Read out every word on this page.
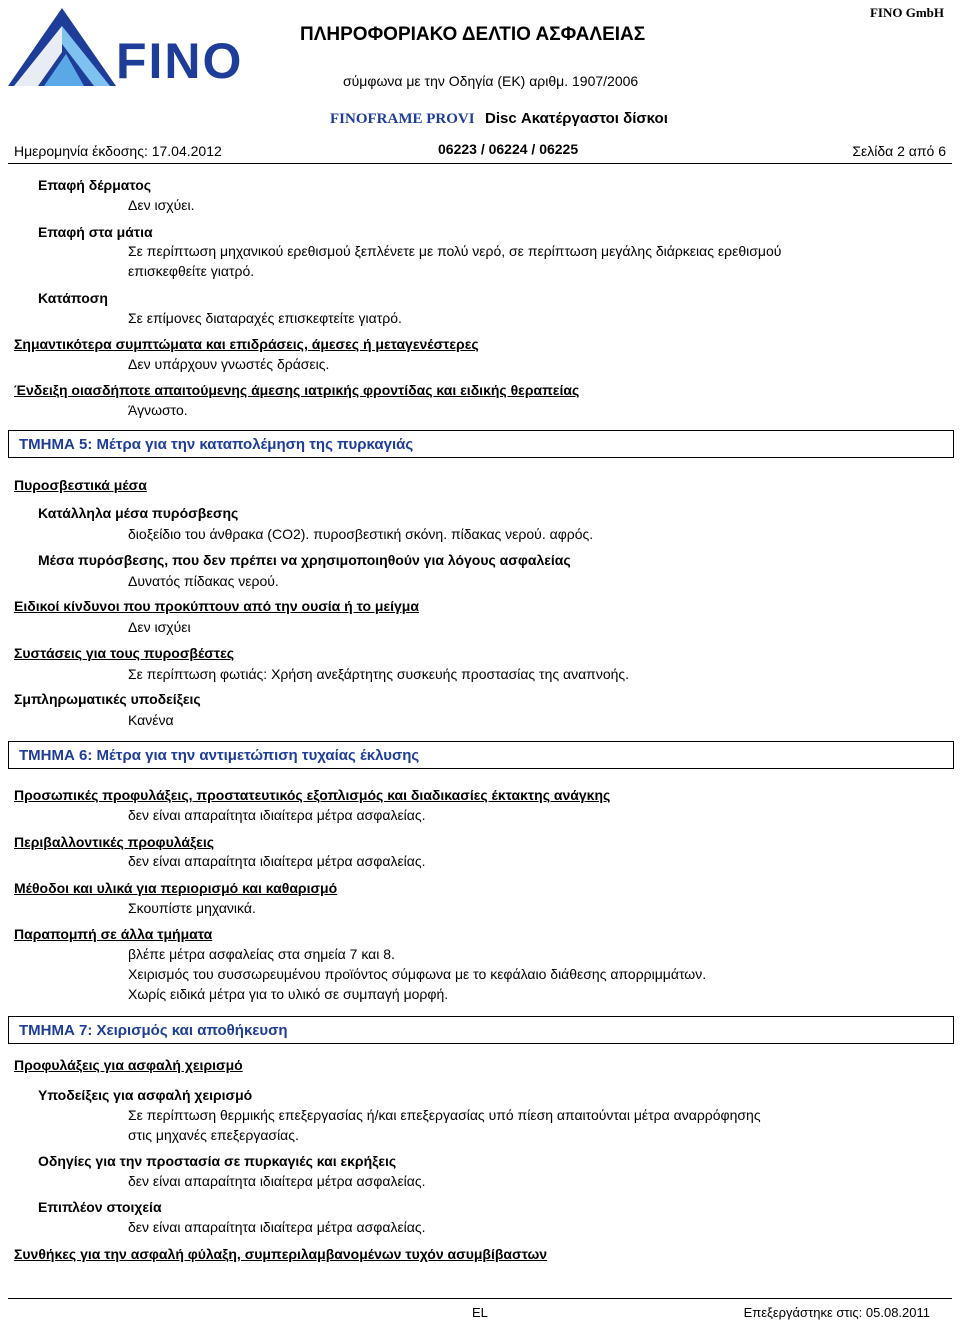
FINO	ΠΛΗΡΟΦΟΡΙΑΚΟ ΔΕΛΤΙΟ ΑΣΦΑΛΕΙΑΣ
σύμφωνα με την Οδηγία (ΕΚ) αριθμ. 1907/2006
FINO GmbH
FINOFRAME PROVI Disc Ακατέργαστοι δίσκοι
Ημερομηνία έκδοσης: 17.04.2012	06223 / 06224 / 06225	Σελίδα 2 από 6
Επαφή δέρματος
Δεν ισχύει.
Επαφή στα μάτια
Σε περίπτωση μηχανικού ερεθισμού ξεπλένετε με πολύ νερό, σε περίπτωση μεγάλης διάρκειας ερεθισμού
επισκεφθείτε γιατρό.
Κατάποση
Σε επίμονες διαταραχές επισκεφτείτε γιατρό.
Σημαντικότερα συμπτώματα και επιδράσεις, άμεσες ή μεταγενέστερες
Δεν υπάρχουν γνωστές δράσεις.
Ένδειξη οιασδήποτε απαιτούμενης άμεσης ιατρικής φροντίδας και ειδικής θεραπείας
Άγνωστο.
ΤΜΗΜΑ 5: Μέτρα για την καταπολέμηση της πυρκαγιάς
Πυροσβεστικά μέσα
Κατάλληλα μέσα πυρόσβεσης
διοξείδιο του άνθρακα (CO2). πυροσβεστική σκόνη. πίδακας νερού. αφρός.
Μέσα πυρόσβεσης, που δεν πρέπει να χρησιμοποιηθούν για λόγους ασφαλείας
Δυνατός πίδακας νερού.
Ειδικοί κίνδυνοι που προκύπτουν από την ουσία ή το μείγμα
Δεν ισχύει
Συστάσεις για τους πυροσβέστες
Σε περίπτωση φωτιάς: Χρήση ανεξάρτητης συσκευής προστασίας της αναπνοής.
Σμπληρωματικές υποδείξεις
Κανένα
ΤΜΗΜΑ 6: Μέτρα για την αντιμετώπιση τυχαίας έκλυσης
Προσωπικές προφυλάξεις, προστατευτικός εξοπλισμός και διαδικασίες έκτακτης ανάγκης
δεν είναι απαραίτητα ιδιαίτερα μέτρα ασφαλείας.
Περιβαλλοντικές προφυλάξεις
δεν είναι απαραίτητα ιδιαίτερα μέτρα ασφαλείας.
Μέθοδοι και υλικά για περιορισμό και καθαρισμό
Σκουπίστε μηχανικά.
Παραπομπή σε άλλα τμήματα
βλέπε μέτρα ασφαλείας στα σημεία 7 και 8.
Χειρισμός του συσσωρευμένου προϊόντος σύμφωνα με το κεφάλαιο διάθεσης απορριμμάτων.
Χωρίς ειδικά μέτρα για το υλικό σε συμπαγή μορφή.
ΤΜΗΜΑ 7: Χειρισμός και αποθήκευση
Προφυλάξεις για ασφαλή χειρισμό
Υποδείξεις για ασφαλή χειρισμό
Σε περίπτωση θερμικής επεξεργασίας ή/και επεξεργασίας υπό πίεση απαιτούνται μέτρα αναρρόφησης
στις μηχανές επεξεργασίας.
Οδηγίες για την προστασία σε πυρκαγιές και εκρήξεις
δεν είναι απαραίτητα ιδιαίτερα μέτρα ασφαλείας.
Επιπλέον στοιχεία
δεν είναι απαραίτητα ιδιαίτερα μέτρα ασφαλείας.
Συνθήκες για την ασφαλή φύλαξη, συμπεριλαμβανομένων τυχόν ασυμβίβαστων
EL	Επεξεργάστηκε στις: 05.08.2011
